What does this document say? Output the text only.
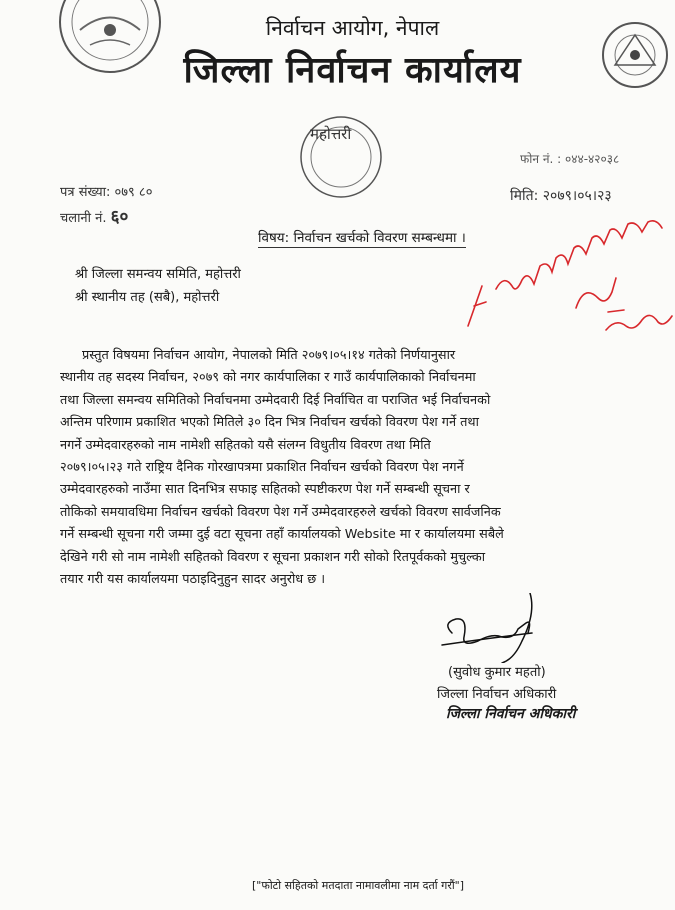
निर्वाचन आयोग, नेपाल
जिल्ला निर्वाचन कार्यालय
महोत्तरी
फोन नं. : ०४४-४२०३८
पत्र संख्या: ०७९ ८०
चलानी नं. ६०
मिति: २०७९।०५।२३
विषय: निर्वाचन खर्चको विवरण सम्बन्धमा ।
श्री जिल्ला समन्वय समिति, महोत्तरी
श्री स्थानीय तह (सबै), महोत्तरी
प्रस्तुत विषयमा निर्वाचन आयोग, नेपालको मिति २०७९।०५।१४ गतेको निर्णयानुसार
स्थानीय तह सदस्य निर्वाचन, २०७९ को नगर कार्यपालिका र गाउँ कार्यपालिकाको निर्वाचनमा
तथा जिल्ला समन्वय समितिको निर्वाचनमा उम्मेदवारी दिई निर्वाचित वा पराजित भई निर्वाचनको
अन्तिम परिणाम प्रकाशित भएको मितिले ३० दिन भित्र निर्वाचन खर्चको विवरण पेश गर्ने तथा
नगर्ने उम्मेदवारहरुको नाम नामेशी सहितको यसै संलग्न विधुतीय विवरण तथा मिति
२०७९।०५।२३ गते राष्ट्रिय दैनिक गोरखापत्रमा प्रकाशित निर्वाचन खर्चको विवरण पेश नगर्ने
उम्मेदवारहरुको नाउँमा सात दिनभित्र सफाइ सहितको स्पष्टीकरण पेश गर्ने सम्बन्धी सूचना र
तोकिको समयावधिमा निर्वाचन खर्चको विवरण पेश गर्ने उम्मेदवारहरुले खर्चको विवरण सार्वजनिक
गर्ने सम्बन्धी सूचना गरी जम्मा दुई वटा सूचना तहाँ कार्यालयको Website मा र कार्यालयमा सबैले
देखिने गरी सो नाम नामेशी सहितको विवरण र सूचना प्रकाशन गरी सोको रितपूर्वकको मुचुल्का
तयार गरी यस कार्यालयमा पठाइदिनुहुन सादर अनुरोध छ ।
(सुवोध कुमार महतो)
जिल्ला निर्वाचन अधिकारी
जिल्ला निर्वाचन अधिकारी
["फोटो सहितको मतदाता नामावलीमा नाम दर्ता गरौं"]
